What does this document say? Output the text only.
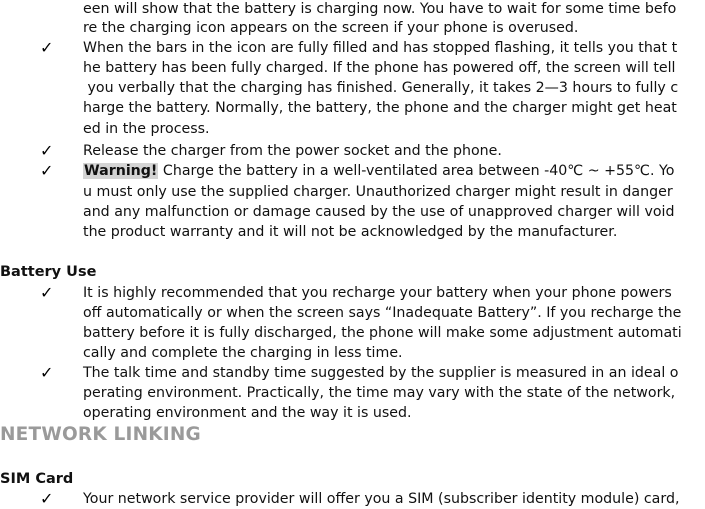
een will show that the battery is charging now. You have to wait for some time befo
re the charging icon appears on the screen if your phone is overused.
✓ When the bars in the icon are fully filled and has stopped flashing, it tells you that t
he battery has been fully charged. If the phone has powered off, the screen will tell
you verbally that the charging has finished. Generally, it takes 2—3 hours to fully c
harge the battery. Normally, the battery, the phone and the charger might get heat
ed in the process.
✓ Release the charger from the power socket and the phone.
✓ Warning! Charge the battery in a well-ventilated area between -40℃ ~ +55℃. Yo
u must only use the supplied charger. Unauthorized charger might result in danger
and any malfunction or damage caused by the use of unapproved charger will void
the product warranty and it will not be acknowledged by the manufacturer.
Battery Use
✓ It is highly recommended that you recharge your battery when your phone powers
off automatically or when the screen says “Inadequate Battery”. If you recharge the
battery before it is fully discharged, the phone will make some adjustment automati
cally and complete the charging in less time.
✓ The talk time and standby time suggested by the supplier is measured in an ideal o
perating environment. Practically, the time may vary with the state of the network,
operating environment and the way it is used.
NETWORK LINKING
SIM Card
✓ Your network service provider will offer you a SIM (subscriber identity module) card,
